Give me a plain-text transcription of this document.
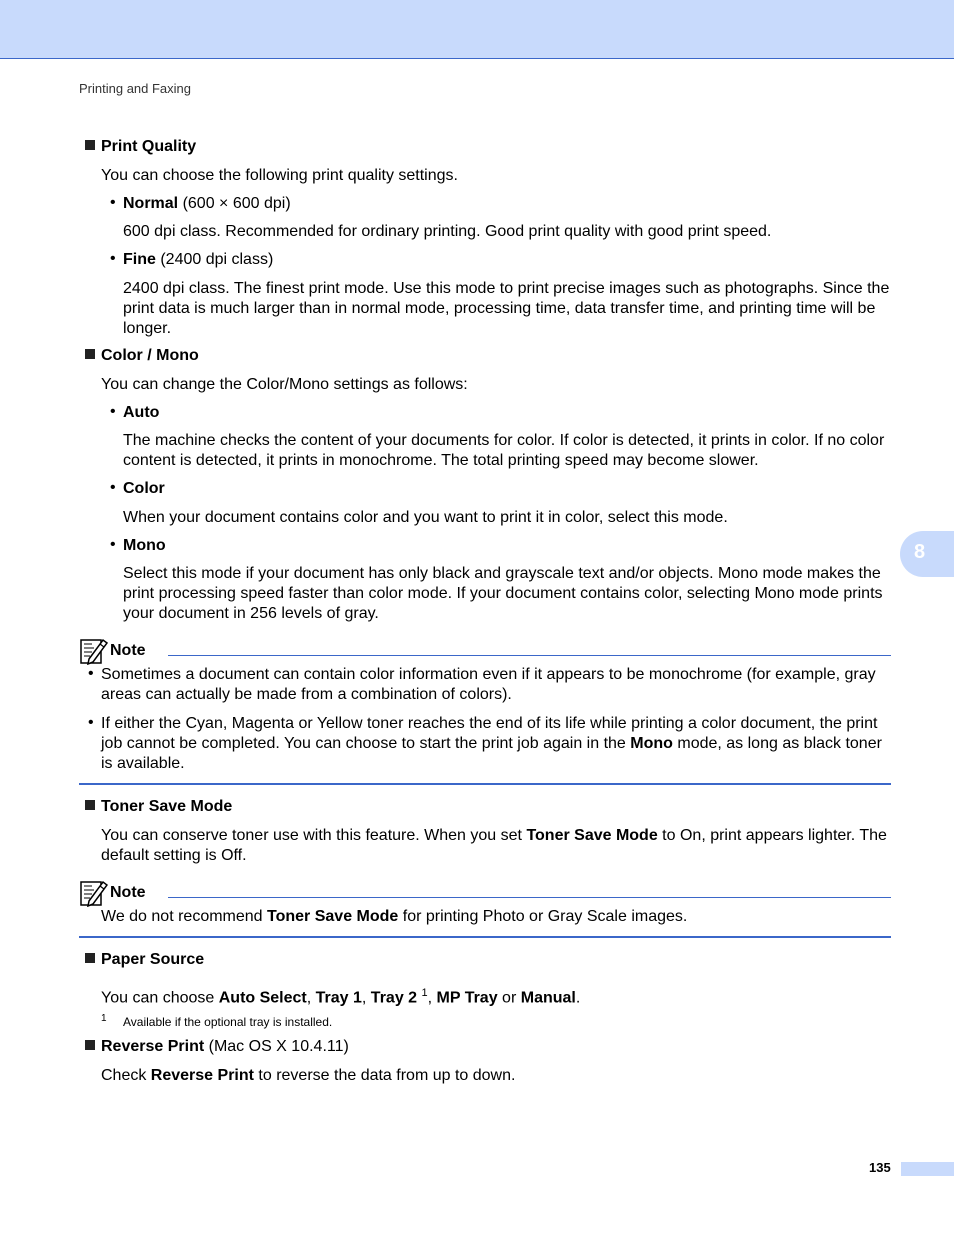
Printing and Faxing
Print Quality
You can choose the following print quality settings.
• Normal (600 × 600 dpi)
600 dpi class. Recommended for ordinary printing. Good print quality with good print speed.
• Fine (2400 dpi class)
2400 dpi class. The finest print mode. Use this mode to print precise images such as photographs. Since the print data is much larger than in normal mode, processing time, data transfer time, and printing time will be longer.
Color / Mono
You can change the Color/Mono settings as follows:
• Auto
The machine checks the content of your documents for color. If color is detected, it prints in color. If no color content is detected, it prints in monochrome. The total printing speed may become slower.
• Color
When your document contains color and you want to print it in color, select this mode.
• Mono
Select this mode if your document has only black and grayscale text and/or objects. Mono mode makes the print processing speed faster than color mode. If your document contains color, selecting Mono mode prints your document in 256 levels of gray.
Note
• Sometimes a document can contain color information even if it appears to be monochrome (for example, gray areas can actually be made from a combination of colors).
• If either the Cyan, Magenta or Yellow toner reaches the end of its life while printing a color document, the print job cannot be completed. You can choose to start the print job again in the Mono mode, as long as black toner is available.
Toner Save Mode
You can conserve toner use with this feature. When you set Toner Save Mode to On, print appears lighter. The default setting is Off.
Note
We do not recommend Toner Save Mode for printing Photo or Gray Scale images.
Paper Source
You can choose Auto Select, Tray 1, Tray 2 $^1$, MP Tray or Manual.
1 Available if the optional tray is installed.
Reverse Print (Mac OS X 10.4.11)
Check Reverse Print to reverse the data from up to down.
8
135
